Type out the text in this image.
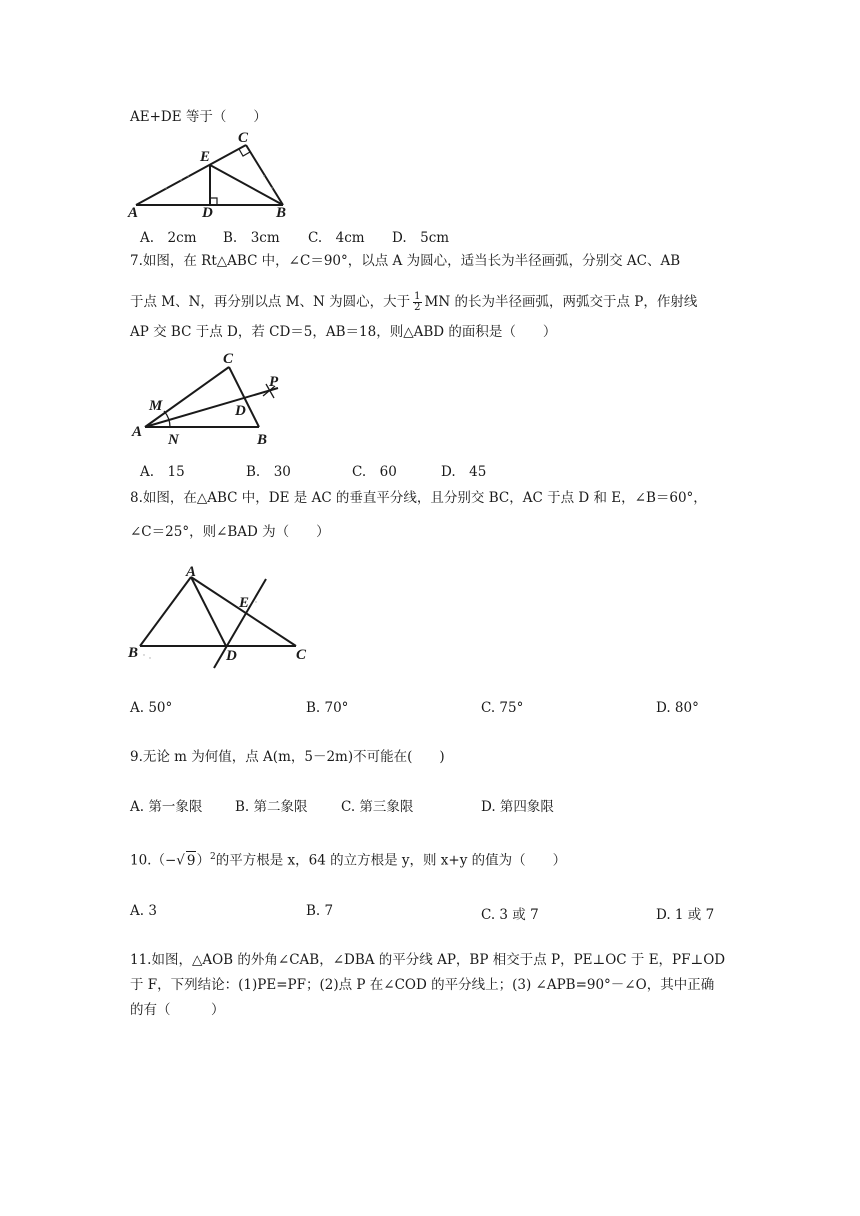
AE+DE 等于（　　）
A	B
C
D
E
A.　2cm B.　3cm C.　4cm D.　5cm
7.如图，在 Rt△ABC 中，∠C＝90°，以点 A 为圆心，适当长为半径画弧，分别交 AC、AB
于点 M、N，再分别以点 M、N 为圆心，大于 $\frac{1}{2}$ MN 的长为半径画弧，两弧交于点 P，作射线
AP 交 BC 于点 D，若 CD＝5，AB＝18，则△ABD 的面积是（　　）
C
P
M	D
A N	B
A.　15	B.　30	C.　60	D.　45
8.如图，在△ABC 中，DE 是 AC 的垂直平分线，且分别交 BC，AC 于点 D 和 E，∠B＝60°，
∠C＝25°，则∠BAD 为（　　）
A
E
B	D	C
A. 50°	B. 70°	C. 75°	D. 80°
9.无论 m 为何值，点 A(m，5－2m)不可能在(　　)
A. 第一象限 B. 第二象限 C. 第三象限	D. 第四象限
10.（−√ 9）$^2$的平方根是 x，64 的立方根是 y，则 x+y 的值为（　　）
A. 3	B. 7	C. 3 或 7	D. 1 或 7
11.如图，△AOB 的外角∠CAB，∠DBA 的平分线 AP，BP 相交于点 P，PE⊥OC 于 E，PF⊥OD
于 F，下列结论：(1)PE=PF；(2)点 P 在∠COD 的平分线上；(3) ∠APB=90°－∠O，其中正确
的有（　　　）
